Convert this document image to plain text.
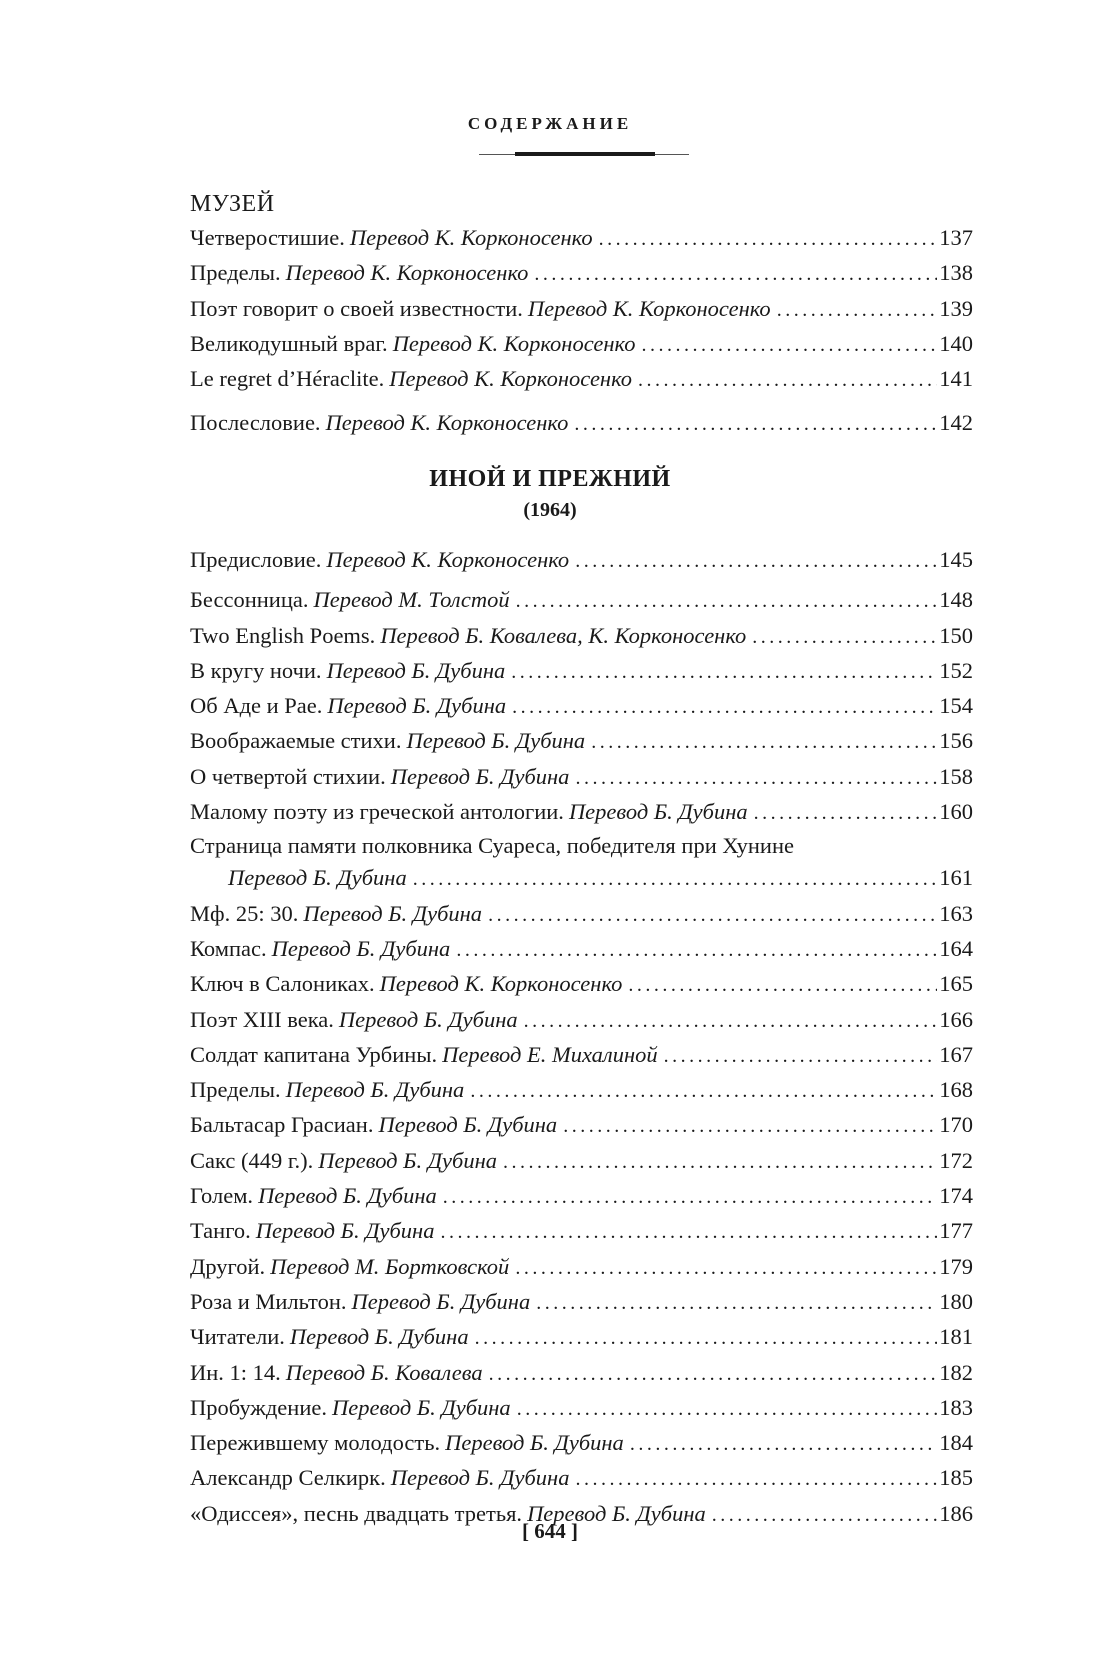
СОДЕРЖАНИЕ
МУЗЕЙ
Четверостишие. Перевод К. Корконосенко .....	137
Пределы. Перевод К. Корконосенко .....	138
Поэт говорит о своей известности. Перевод К. Корконосенко .....	139
Великодушный враг. Перевод К. Корконосенко .....	140
Le regret d’Héraclite. Перевод К. Корконосенко .....	141
Послесловие. Перевод К. Корконосенко .....	142
ИНОЙ И ПРЕЖНИЙ
(1964)
Предисловие. Перевод К. Корконосенко .....	145
Бессонница. Перевод М. Толстой .....	148
Two English Poems. Перевод Б. Ковалева, К. Корконосенко .....	150
В кругу ночи. Перевод Б. Дубина .....	152
Об Аде и Рае. Перевод Б. Дубина .....	154
Воображаемые стихи. Перевод Б. Дубина .....	156
О четвертой стихии. Перевод Б. Дубина .....	158
Малому поэту из греческой антологии. Перевод Б. Дубина .....	160
Страница памяти полковника Суареса, победителя при Хунине
Перевод Б. Дубина .....	161
Мф. 25: 30. Перевод Б. Дубина .....	163
Компас. Перевод Б. Дубина .....	164
Ключ в Салониках. Перевод К. Корконосенко .....	165
Поэт XIII века. Перевод Б. Дубина .....	166
Солдат капитана Урбины. Перевод Е. Михалиной .....	167
Пределы. Перевод Б. Дубина .....	168
Бальтасар Грасиан. Перевод Б. Дубина .....	170
Сакс (449 г.). Перевод Б. Дубина .....	172
Голем. Перевод Б. Дубина .....	174
Танго. Перевод Б. Дубина .....	177
Другой. Перевод М. Бортковской .....	179
Роза и Мильтон. Перевод Б. Дубина .....	180
Читатели. Перевод Б. Дубина .....	181
Ин. 1: 14. Перевод Б. Ковалева .....	182
Пробуждение. Перевод Б. Дубина .....	183
Пережившему молодость. Перевод Б. Дубина .....	184
Александр Селкирк. Перевод Б. Дубина .....	185
«Одиссея», песнь двадцать третья. Перевод Б. Дубина .....	186
[ 644 ]
